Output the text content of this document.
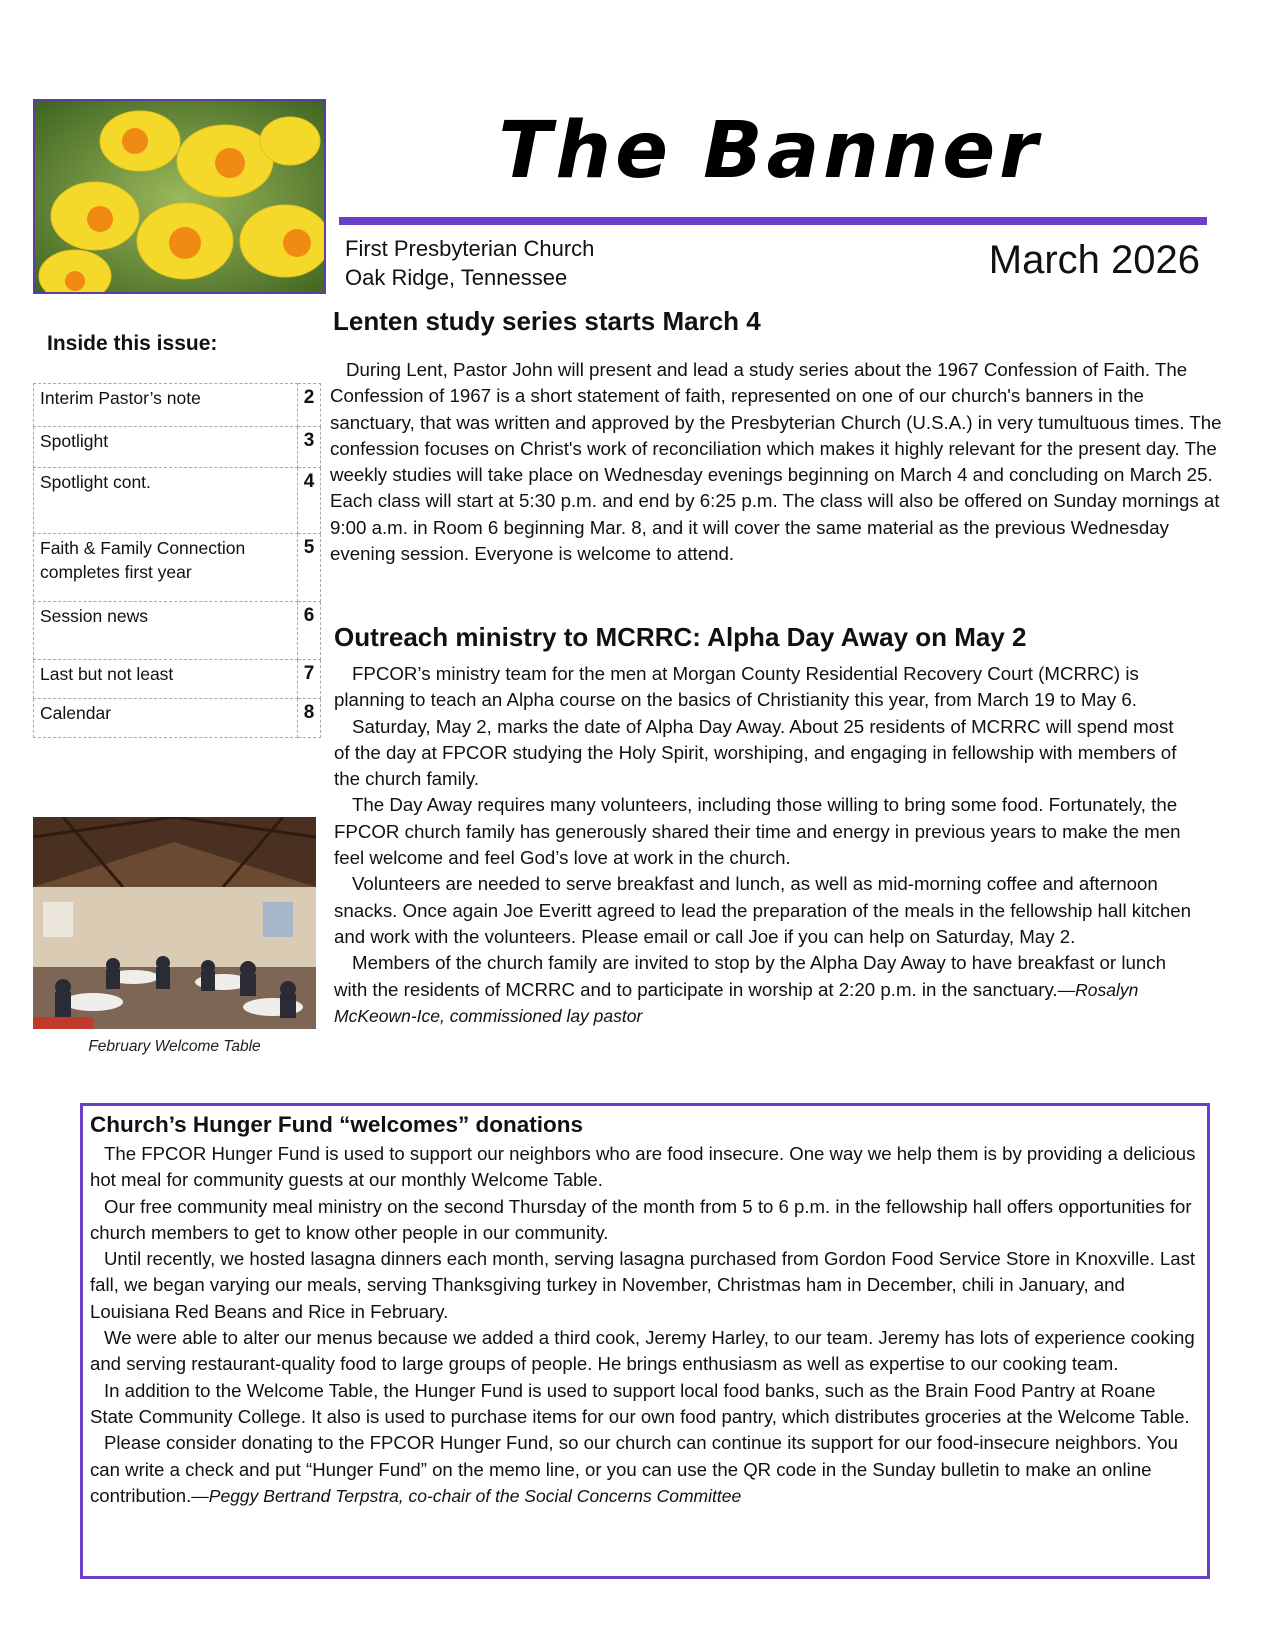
The Banner
First Presbyterian Church
Oak Ridge, Tennessee	March 2026
Inside this issue:
Interim Pastor’s note	2
Spotlight	3
Spotlight cont.	4
Faith & Family Connection completes first year	5
Session news	6
Last but not least	7
Calendar	8
February Welcome Table
Lenten study series starts March 4

During Lent, Pastor John will present and lead a study series about the 1967 Confession of Faith. The Confession of 1967 is a short statement of faith, represented on one of our church's banners in the sanctuary, that was written and approved by the Presbyterian Church (U.S.A.) in very tumultuous times. The confession focuses on Christ's work of reconciliation which makes it highly relevant for the present day. The weekly studies will take place on Wednesday evenings beginning on March 4 and concluding on March 25. Each class will start at 5:30 p.m. and end by 6:25 p.m. The class will also be offered on Sunday mornings at 9:00 a.m. in Room 6 beginning Mar. 8, and it will cover the same material as the previous Wednesday evening session. Everyone is welcome to attend.

Outreach ministry to MCRRC: Alpha Day Away on May 2

FPCOR’s ministry team for the men at Morgan County Residential Recovery Court (MCRRC) is planning to teach an Alpha course on the basics of Christianity this year, from March 19 to May 6.

Saturday, May 2, marks the date of Alpha Day Away. About 25 residents of MCRRC will spend most of the day at FPCOR studying the Holy Spirit, worshiping, and engaging in fellowship with members of the church family.

The Day Away requires many volunteers, including those willing to bring some food. Fortunately, the FPCOR church family has generously shared their time and energy in previous years to make the men feel welcome and feel God’s love at work in the church.

Volunteers are needed to serve breakfast and lunch, as well as mid-morning coffee and afternoon snacks. Once again Joe Everitt agreed to lead the preparation of the meals in the fellowship hall kitchen and work with the volunteers. Please email or call Joe if you can help on Saturday, May 2.

Members of the church family are invited to stop by the Alpha Day Away to have breakfast or lunch with the residents of MCRRC and to participate in worship at 2:20 p.m. in the sanctuary.—Rosalyn McKeown-Ice, commissioned lay pastor

Church’s Hunger Fund “welcomes” donations

The FPCOR Hunger Fund is used to support our neighbors who are food insecure. One way we help them is by providing a delicious hot meal for community guests at our monthly Welcome Table.

Our free community meal ministry on the second Thursday of the month from 5 to 6 p.m. in the fellowship hall offers opportunities for church members to get to know other people in our community.

Until recently, we hosted lasagna dinners each month, serving lasagna purchased from Gordon Food Service Store in Knoxville. Last fall, we began varying our meals, serving Thanksgiving turkey in November, Christmas ham in December, chili in January, and Louisiana Red Beans and Rice in February.

We were able to alter our menus because we added a third cook, Jeremy Harley, to our team. Jeremy has lots of experience cooking and serving restaurant-quality food to large groups of people. He brings enthusiasm as well as expertise to our cooking team.

In addition to the Welcome Table, the Hunger Fund is used to support local food banks, such as the Brain Food Pantry at Roane State Community College. It also is used to purchase items for our own food pantry, which distributes groceries at the Welcome Table.

Please consider donating to the FPCOR Hunger Fund, so our church can continue its support for our food-insecure neighbors. You can write a check and put “Hunger Fund” on the memo line, or you can use the QR code in the Sunday bulletin to make an online contribution.—Peggy Bertrand Terpstra, co-chair of the Social Concerns Committee
